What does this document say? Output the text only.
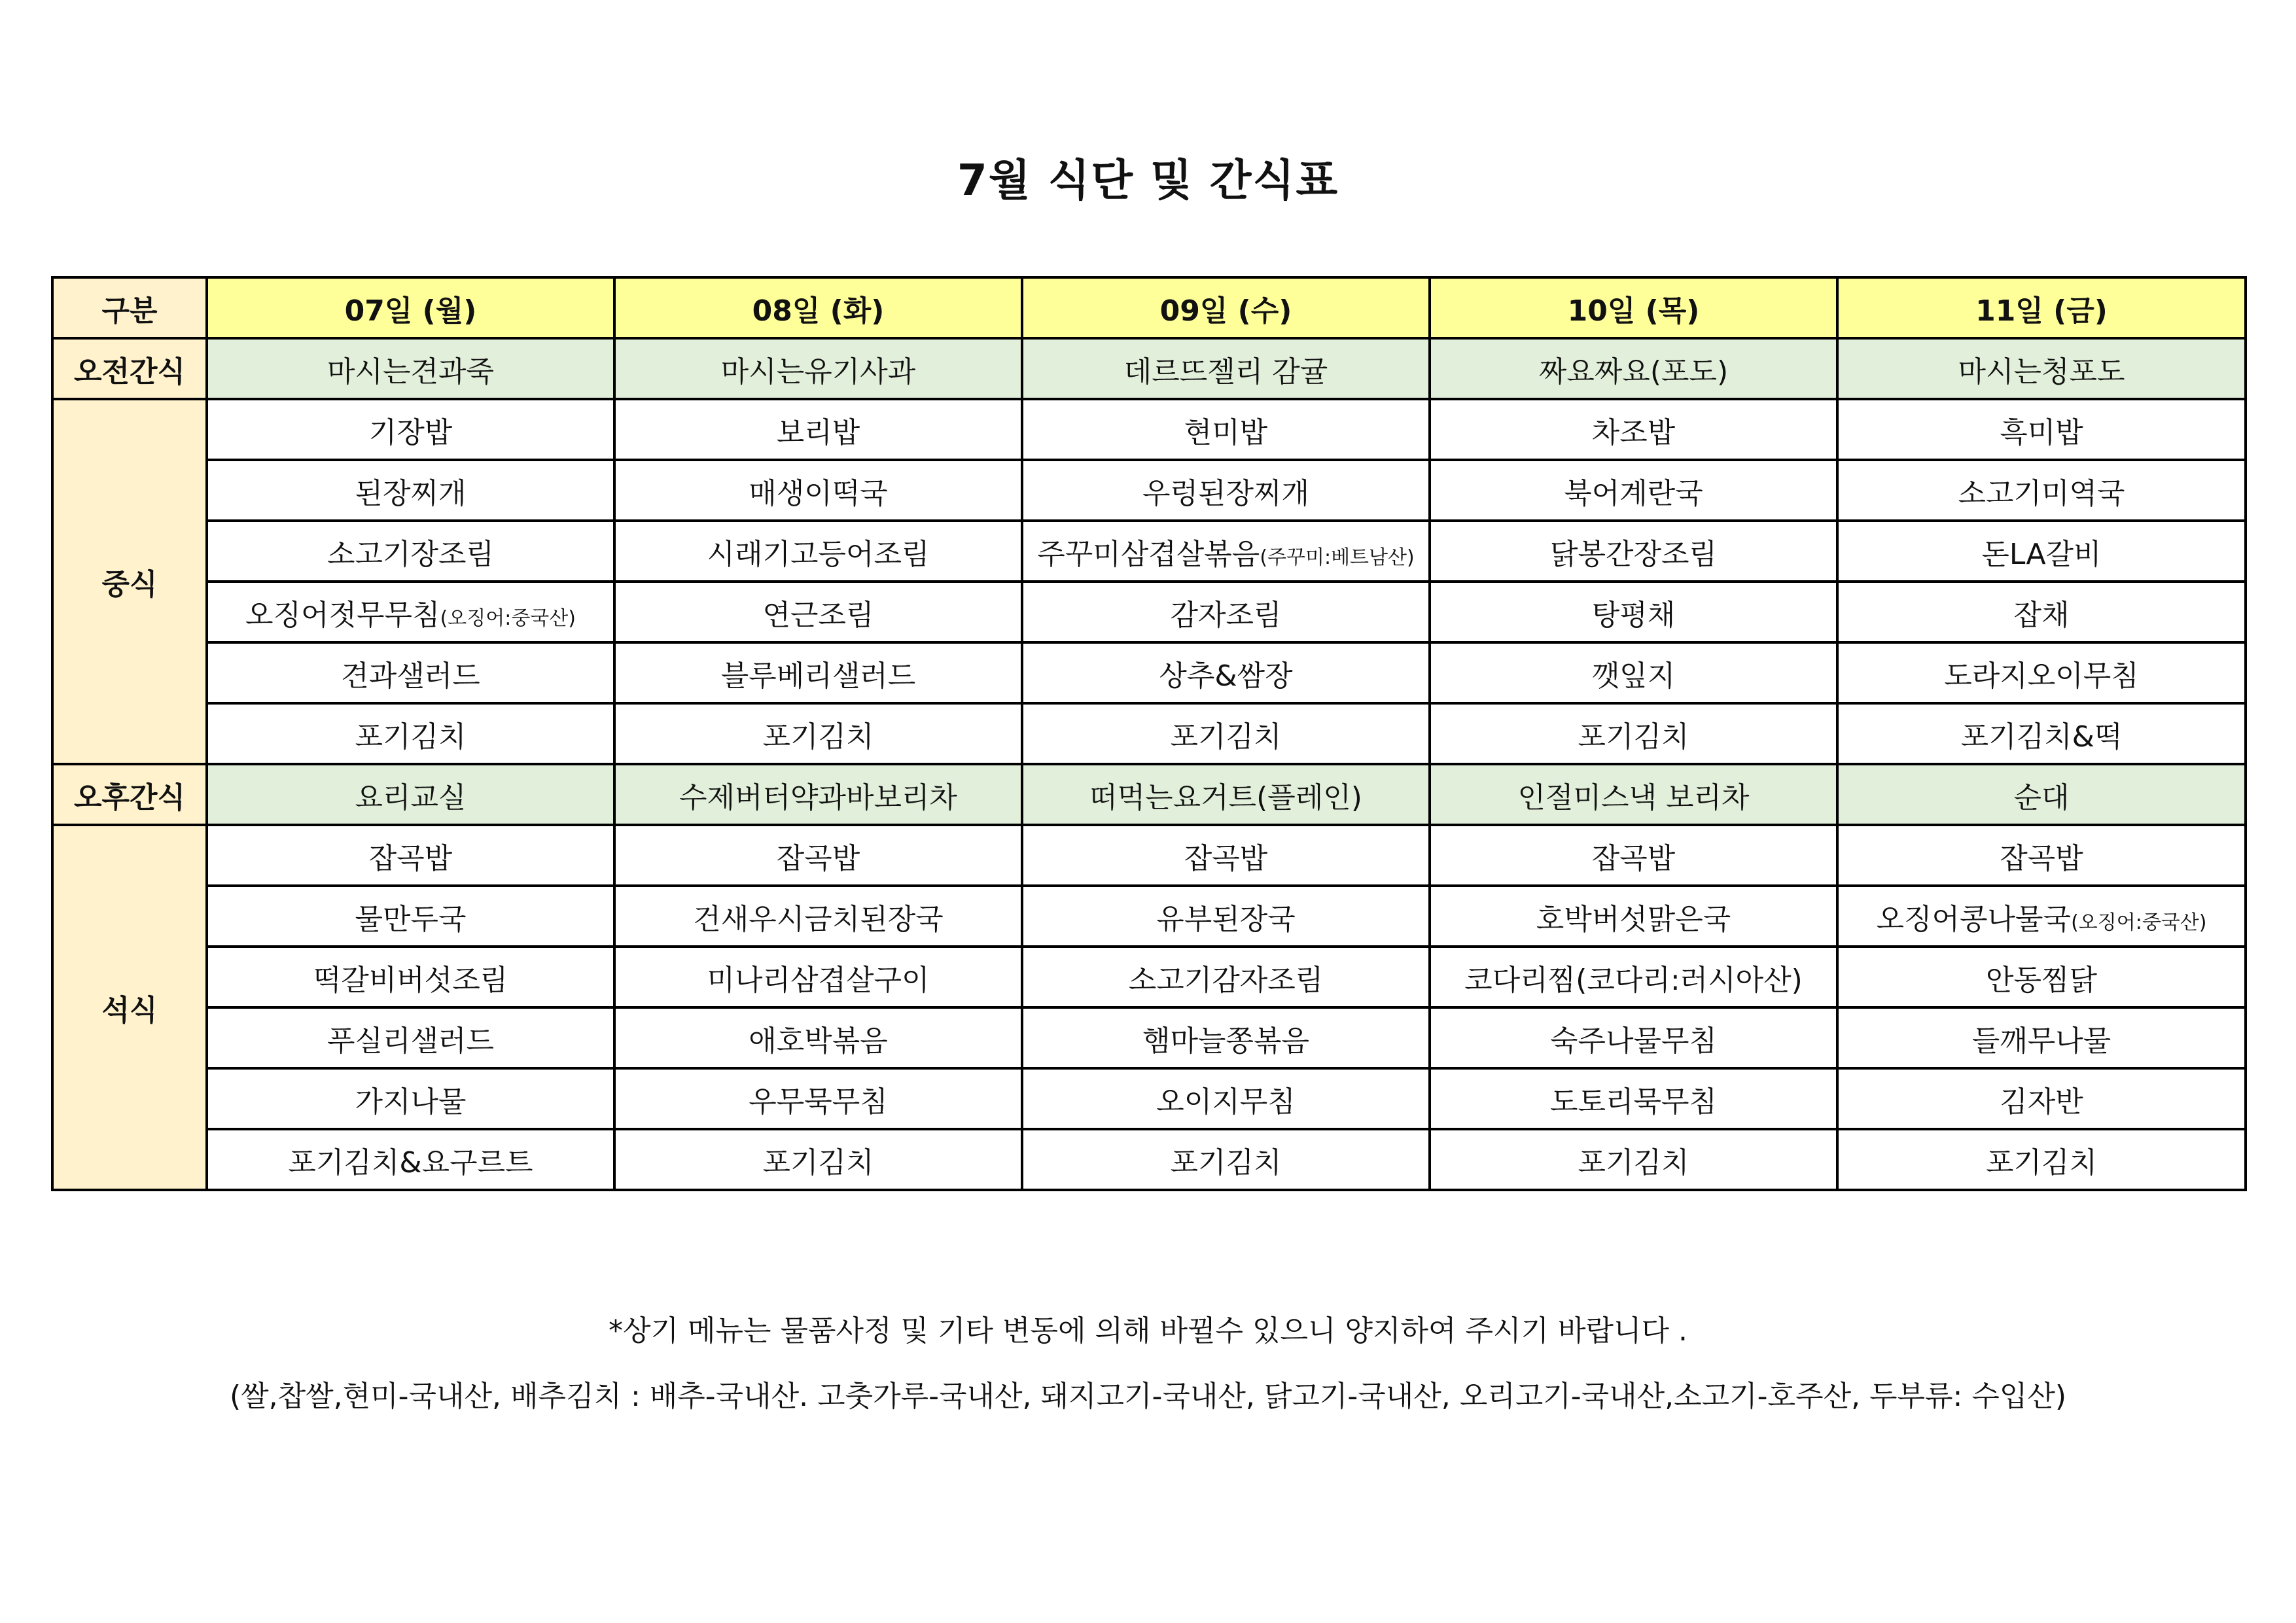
7월 식단 및 간식표
구분	07일 (월)	08일 (화)	09일 (수)	10일 (목)	11일 (금)
오전간식	마시는견과죽	마시는유기사과	데르뜨젤리 감귤	짜요짜요(포도)	마시는청포도
중식	기장밥	보리밥	현미밥	차조밥	흑미밥
	된장찌개	매생이떡국	우렁된장찌개	북어계란국	소고기미역국
	소고기장조림	시래기고등어조림	주꾸미삼겹살볶음(주꾸미:베트남산)	닭봉간장조림	돈LA갈비
	오징어젓무무침(오징어:중국산)	연근조림	감자조림	탕평채	잡채
	견과샐러드	블루베리샐러드	상추&쌈장	깻잎지	도라지오이무침
	포기김치	포기김치	포기김치	포기김치	포기김치&떡
오후간식	요리교실	수제버터약과바보리차	떠먹는요거트(플레인)	인절미스낵 보리차	순대
석식	잡곡밥	잡곡밥	잡곡밥	잡곡밥	잡곡밥
	물만두국	건새우시금치된장국	유부된장국	호박버섯맑은국	오징어콩나물국(오징어:중국산)
	떡갈비버섯조림	미나리삼겹살구이	소고기감자조림	코다리찜(코다리:러시아산)	안동찜닭
	푸실리샐러드	애호박볶음	햄마늘쫑볶음	숙주나물무침	들깨무나물
	가지나물	우무묵무침	오이지무침	도토리묵무침	김자반
	포기김치&요구르트	포기김치	포기김치	포기김치	포기김치
*상기 메뉴는 물품사정 및 기타 변동에 의해 바뀔수 있으니 양지하여 주시기 바랍니다 .
(쌀,찹쌀,현미-국내산, 배추김치 : 배추-국내산. 고춧가루-국내산, 돼지고기-국내산, 닭고기-국내산, 오리고기-국내산,소고기-호주산, 두부류: 수입산)
